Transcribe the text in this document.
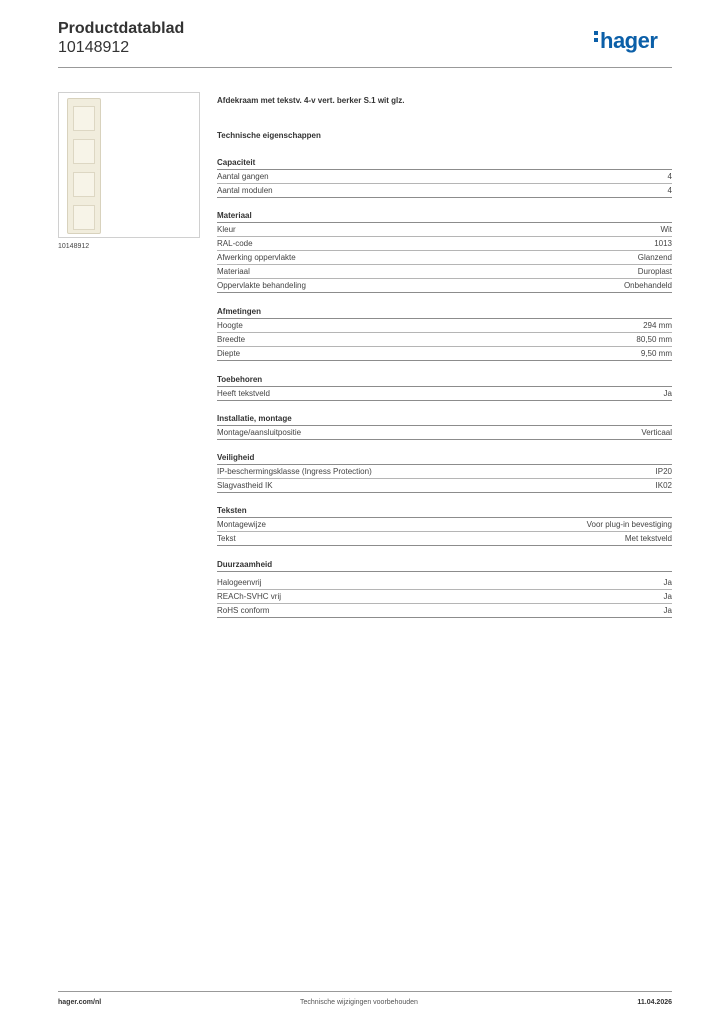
Productdatablad
10148912	hager
10148912
Afdekraam met tekstv. 4-v vert. berker S.1 wit glz.
Technische eigenschappen
Capaciteit
Aantal gangen	4
Aantal modulen	4
Materiaal
Kleur	Wit
RAL-code	1013
Afwerking oppervlakte	Glanzend
Materiaal	Duroplast
Oppervlakte behandeling	Onbehandeld
Afmetingen
Hoogte	294 mm
Breedte	80,50 mm
Diepte	9,50 mm
Toebehoren
Heeft tekstveld	Ja
Installatie, montage
Montage/aansluitpositie	Verticaal
Veiligheid
IP-beschermingsklasse (Ingress Protection)	IP20
Slagvastheid IK	IK02
Teksten
Montagewijze	Voor plug-in bevestiging
Tekst	Met tekstveld
Duurzaamheid
Halogeenvrij	Ja
REACh-SVHC vrij	Ja
RoHS conform	Ja
hager.com/nl	Technische wijzigingen voorbehouden	11.04.2026
